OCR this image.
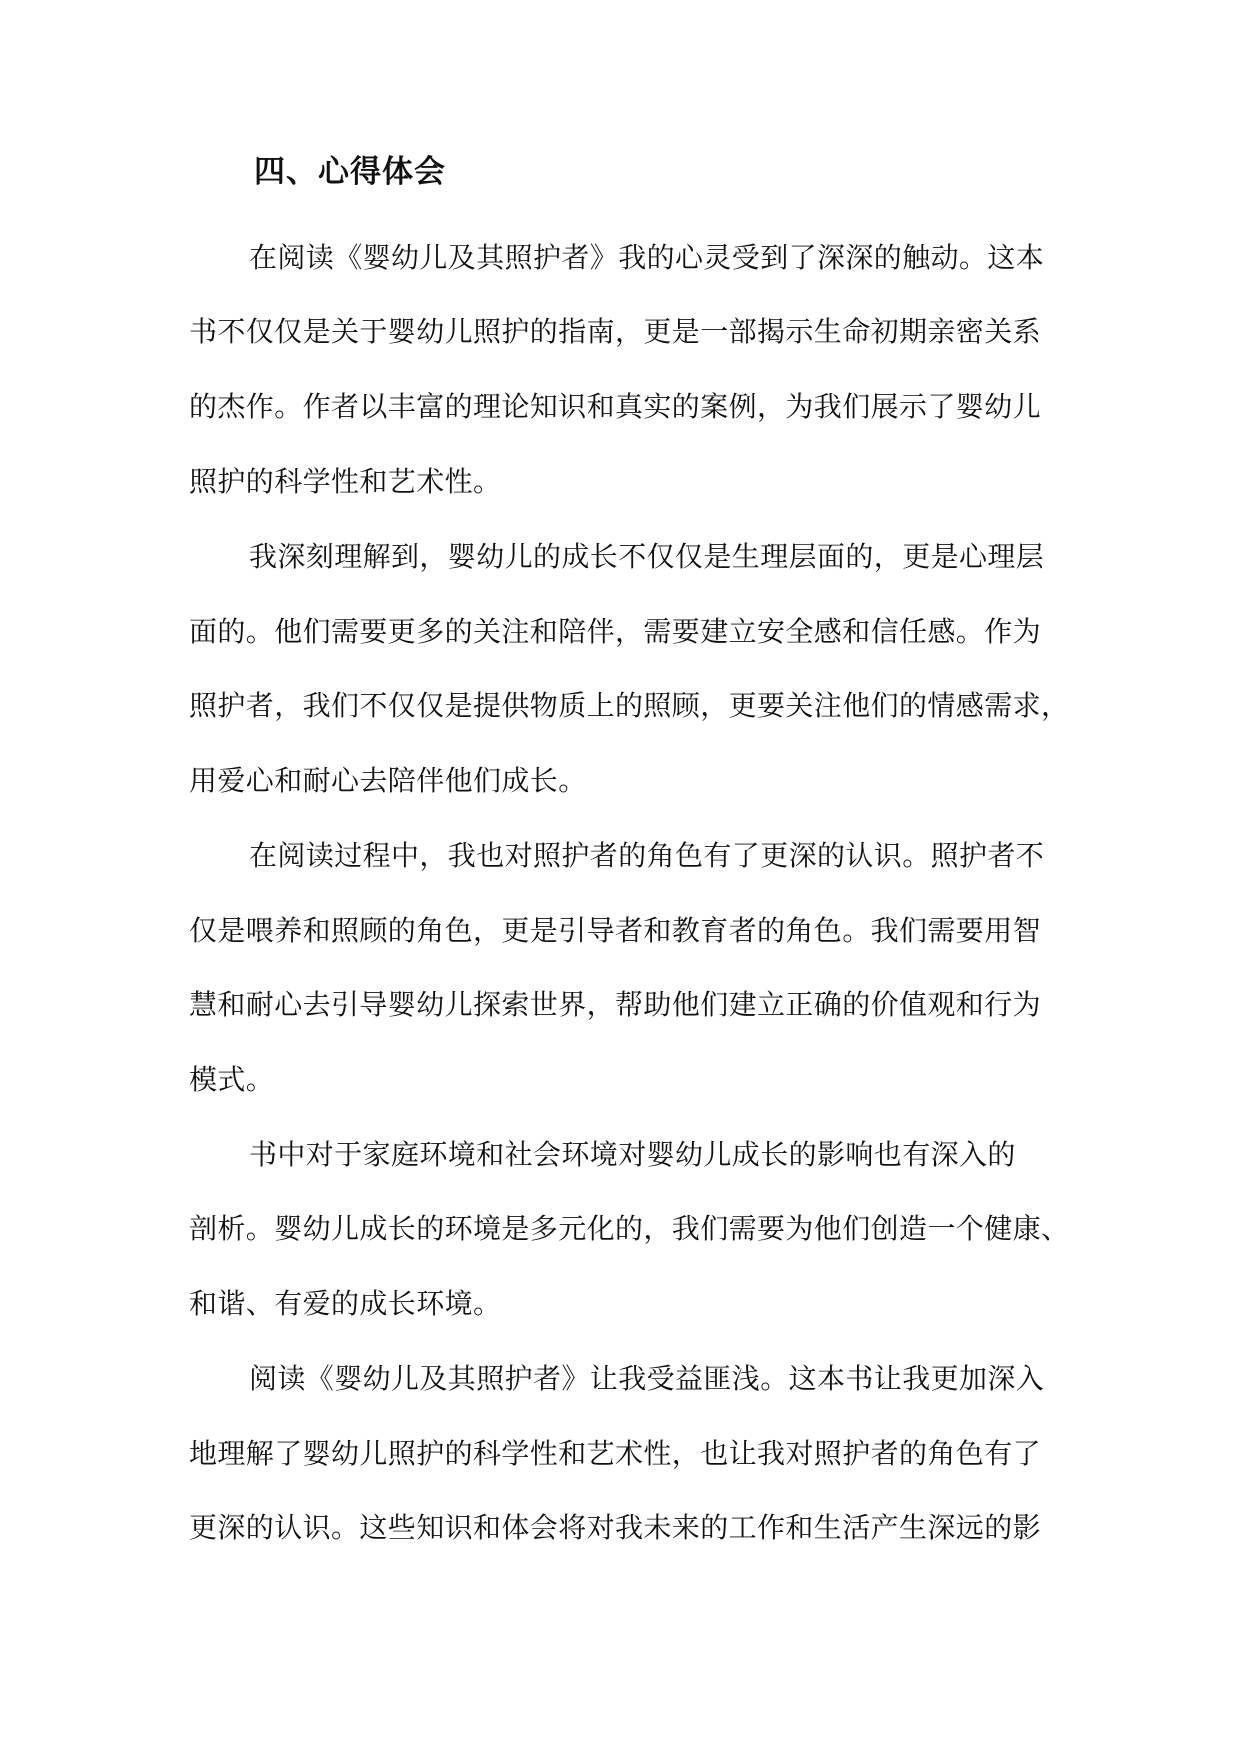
四、心得体会
在阅读《婴幼儿及其照护者》我的心灵受到了深深的触动。这本
书不仅仅是关于婴幼儿照护的指南，更是一部揭示生命初期亲密关系
的杰作。作者以丰富的理论知识和真实的案例，为我们展示了婴幼儿
照护的科学性和艺术性。
我深刻理解到，婴幼儿的成长不仅仅是生理层面的，更是心理层
面的。他们需要更多的关注和陪伴，需要建立安全感和信任感。作为
照护者，我们不仅仅是提供物质上的照顾，更要关注他们的情感需求，
用爱心和耐心去陪伴他们成长。
在阅读过程中，我也对照护者的角色有了更深的认识。照护者不
仅是喂养和照顾的角色，更是引导者和教育者的角色。我们需要用智
慧和耐心去引导婴幼儿探索世界，帮助他们建立正确的价值观和行为
模式。
书中对于家庭环境和社会环境对婴幼儿成长的影响也有深入的
剖析。婴幼儿成长的环境是多元化的，我们需要为他们创造一个健康、
和谐、有爱的成长环境。
阅读《婴幼儿及其照护者》让我受益匪浅。这本书让我更加深入
地理解了婴幼儿照护的科学性和艺术性，也让我对照护者的角色有了
更深的认识。这些知识和体会将对我未来的工作和生活产生深远的影
